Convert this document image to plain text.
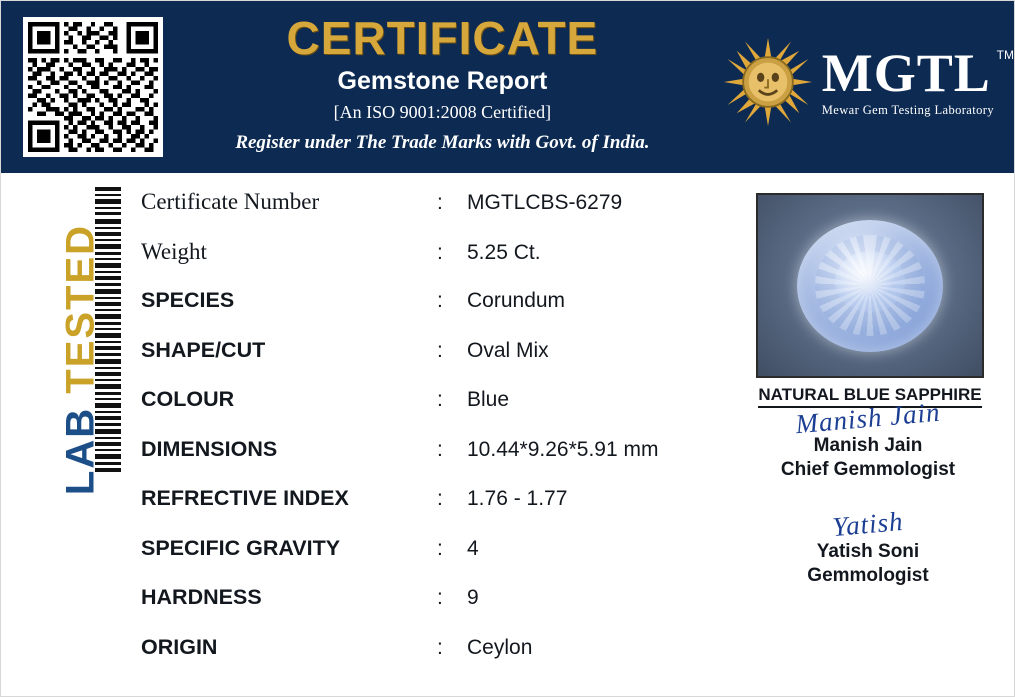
CERTIFICATE
Gemstone Report
[An ISO 9001:2008 Certified]
Register under The Trade Marks with Govt. of India.
MGTL TM
Mewar Gem Testing Laboratory
LAB TESTED
Certificate Number	:	MGTLCBS-6279
Weight	:	5.25 Ct.
SPECIES	:	Corundum
SHAPE/CUT	:	Oval Mix
COLOUR	:	Blue
DIMENSIONS	:	10.44*9.26*5.91 mm
REFRECTIVE INDEX	:	1.76 - 1.77
SPECIFIC GRAVITY	:	4
HARDNESS	:	9
ORIGIN	:	Ceylon
NATURAL BLUE SAPPHIRE
Manish Jain
Manish Jain
Chief Gemmologist
Yatish
Yatish Soni
Gemmologist
